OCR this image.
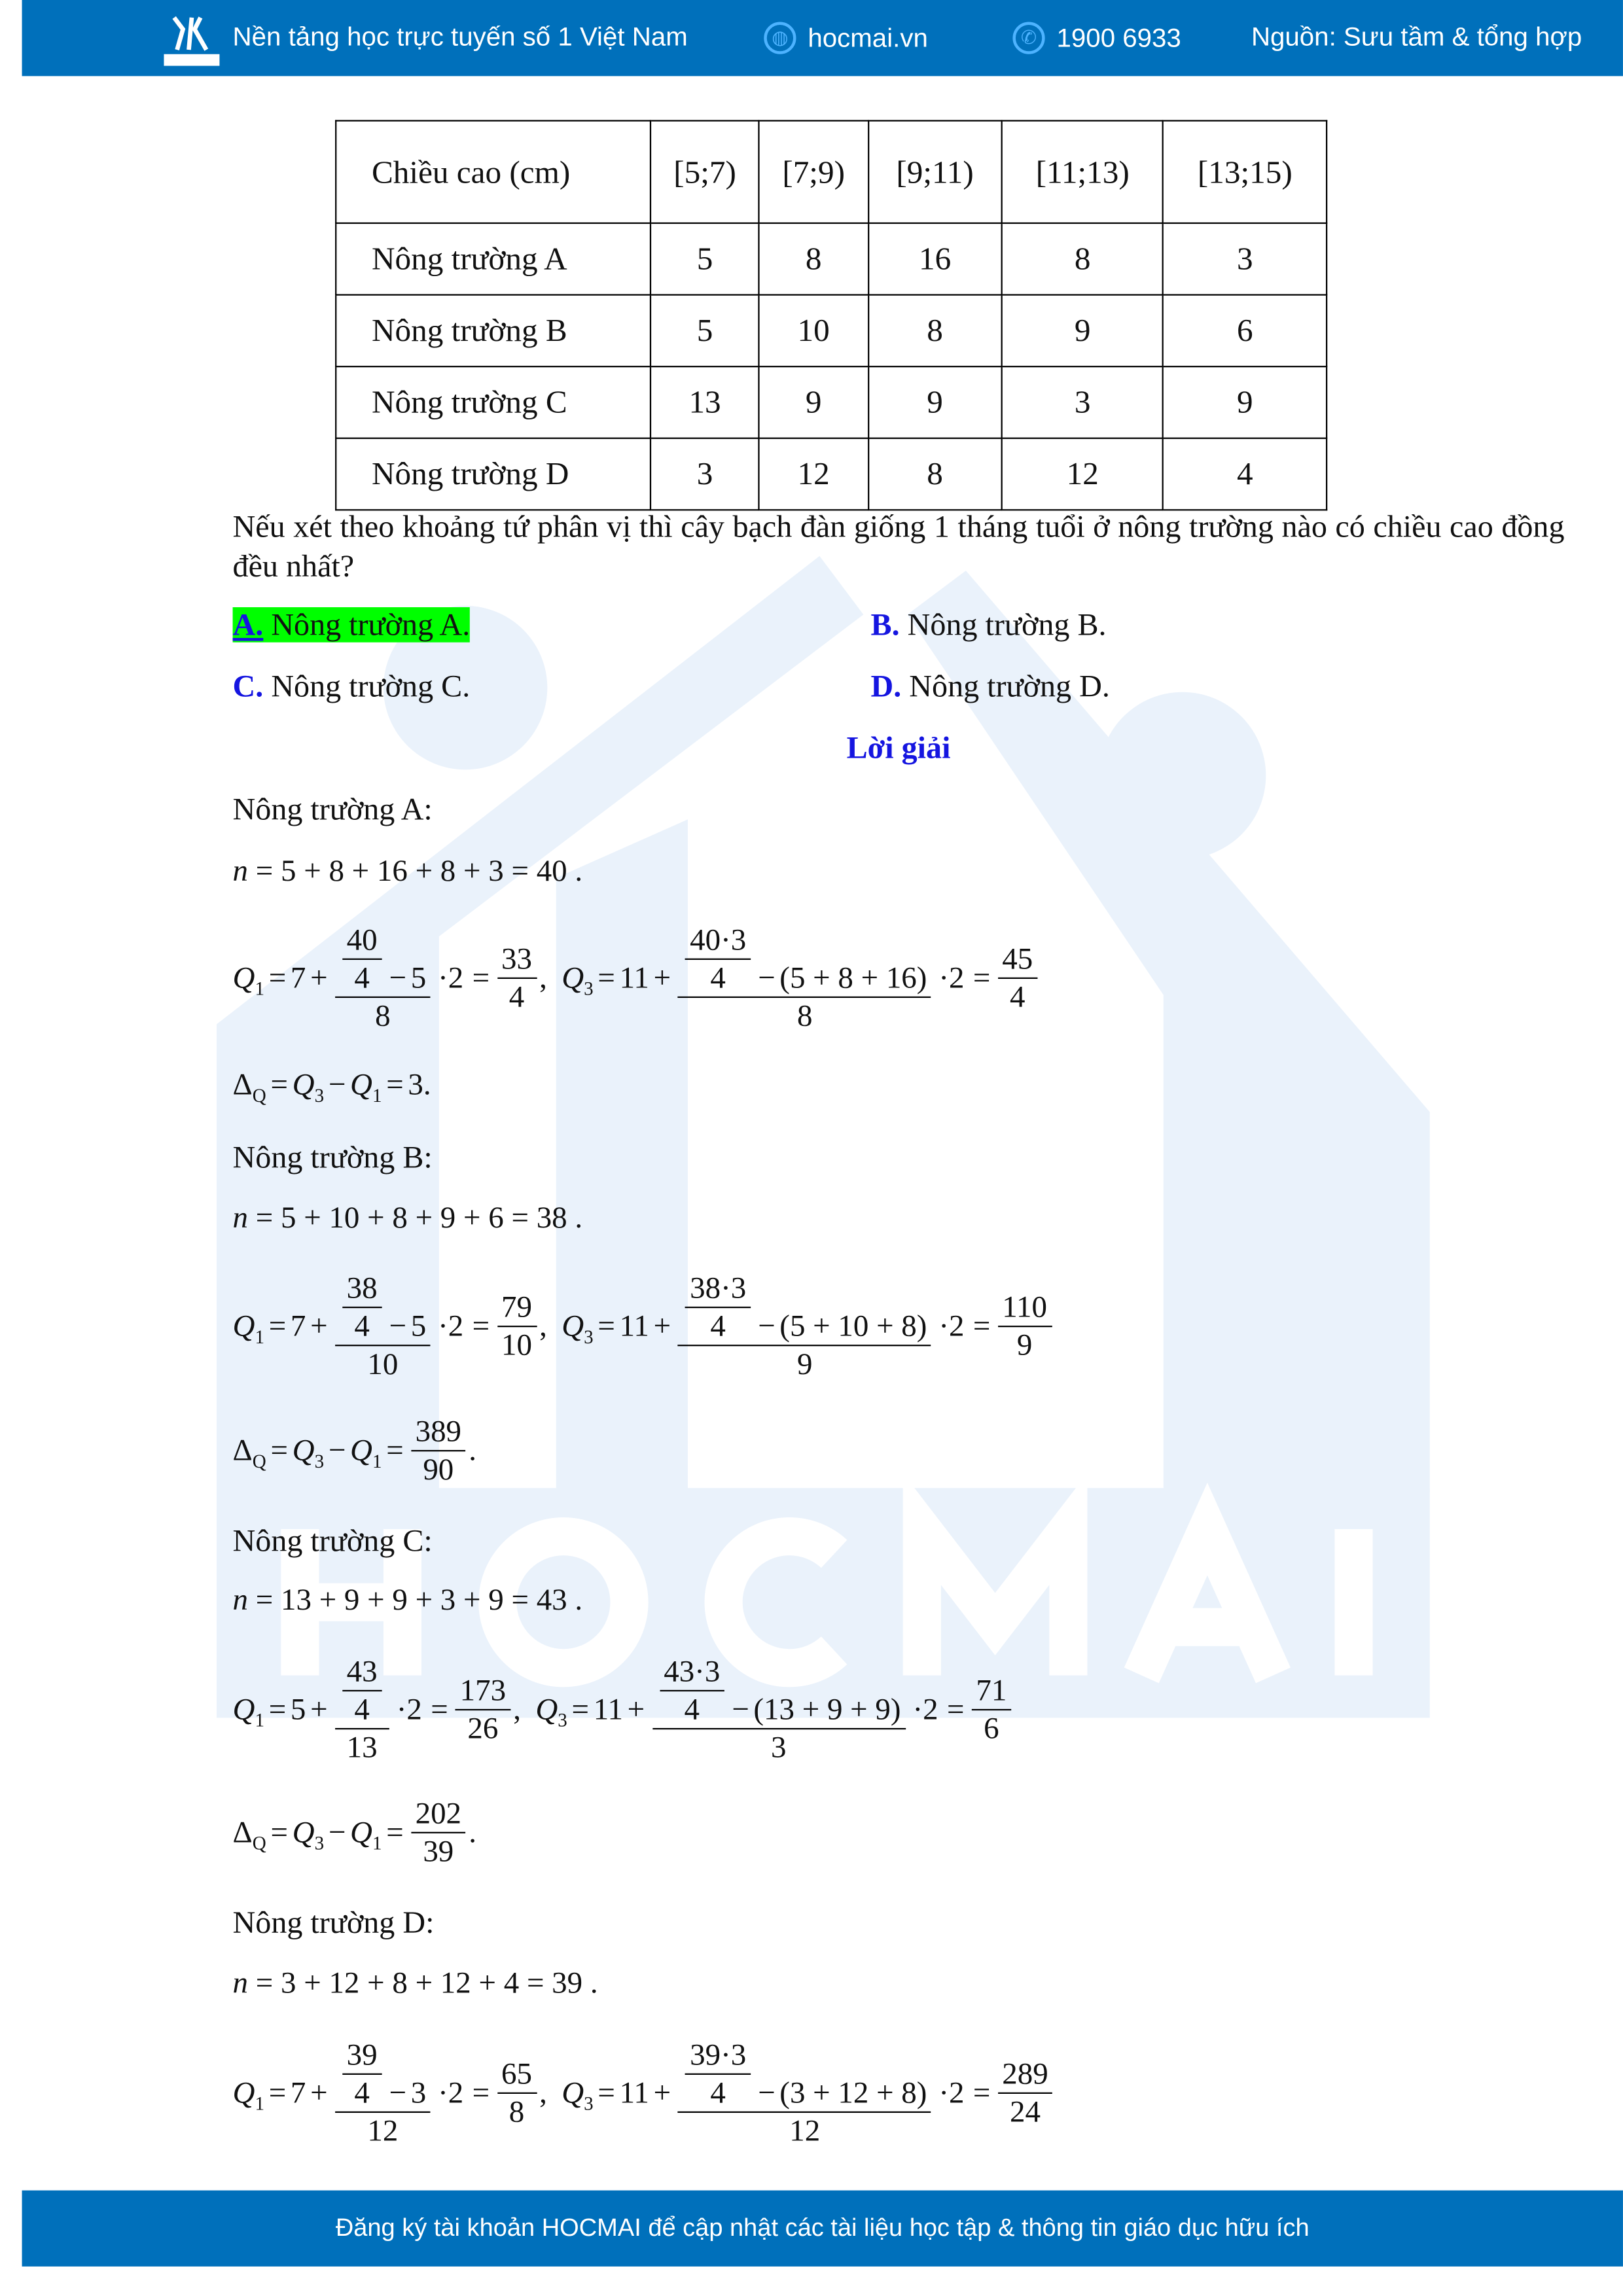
Nền tảng học trực tuyến số 1 Việt Nam	◍	hocmai.vn	✆	1900 6933	Nguồn: Sưu tầm & tổng hợp
Chiều cao (cm)	[5;7)	[7;9)	[9;11)	[11;13)	[13;15)
Nông trường A	5	8	16	8	3
Nông trường B	5	10	8	9	6
Nông trường C	13	9	9	3	9
Nông trường D	3	12	8	12	4
Nếu xét theo khoảng tứ phân vị thì cây bạch đàn giống 1 tháng tuổi ở nông trường nào có chiều cao đồng đều nhất?
A. Nông trường A.	B. Nông trường B.
C. Nông trường C.	D. Nông trường D.
Lời giải
Nông trường A:
n = 5 + 8 + 16 + 8 + 3 = 40 .
Q $1 = 7 + \frac{\frac{40}{4} - 5}{8} \cdot 2 = \frac{33}{4}$ , Q $3 = 11 + \frac{\frac{40\cdot 3}{4} - (5 + 8 + 16)}{8} \cdot 2 = \frac{45}{4}$
Δ Q = Q 3 − Q 1 = 3 .
Nông trường B:
n = 5 + 10 + 8 + 9 + 6 = 38 .
Q $1 = 7 + \frac{\frac{38}{4} - 5}{10} \cdot 2 = \frac{79}{10}$ , Q $3 = 11 + \frac{\frac{38\cdot 3}{4} - (5 + 10 + 8)}{9} \cdot 2 = \frac{110}{9}$
Δ Q = Q 3 − Q $1 = \frac{389}{90}$ .
Nông trường C:
n = 13 + 9 + 9 + 3 + 9 = 43 .
Q $1 = 5 + \frac{\frac{43}{4}}{13} \cdot 2 = \frac{173}{26}$ , Q $3 = 11 + \frac{\frac{43\cdot 3}{4} - (13 + 9 + 9)}{3} \cdot 2 = \frac{71}{6}$
Δ Q = Q 3 − Q $1 = \frac{202}{39}$ .
Nông trường D:
n = 3 + 12 + 8 + 12 + 4 = 39 .
Q $1 = 7 + \frac{\frac{39}{4} - 3}{12} \cdot 2 = \frac{65}{8}$ , Q $3 = 11 + \frac{\frac{39\cdot 3}{4} - (3 + 12 + 8)}{12} \cdot 2 = \frac{289}{24}$
Đăng ký tài khoản HOCMAI để cập nhật các tài liệu học tập & thông tin giáo dục hữu ích
